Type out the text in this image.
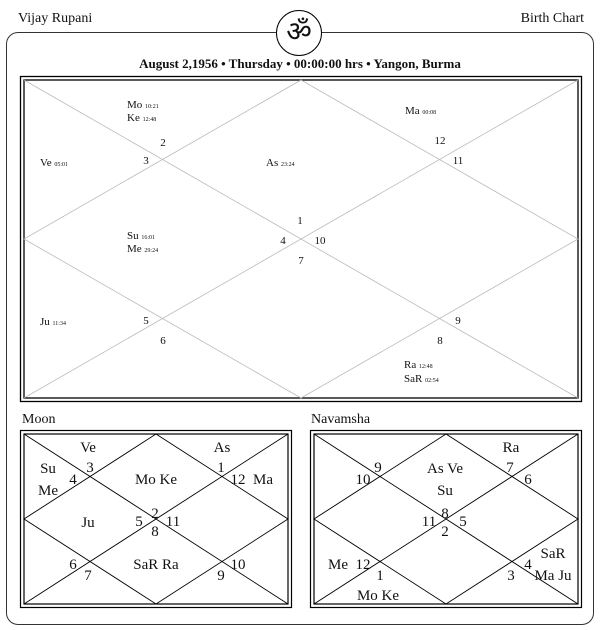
Vijay Rupani	Birth Chart
ॐ
August 2,1956 • Thursday • 00:00:00 hrs • Yangon, Burma
1
2
3
4
5
6
7
8
9
10
11
12
Mo 10:21
Ke 12:48
Ma 00:08
Ve 05:01	As 23:24
Su 16:01
Me 29:24
Ju 11:34
Ra 12:48
SaR 02:54
Moon
1
2
3
4
5
6
7
8
9
10
11
12
Ve	As
Su
Me
Mo Ke	Ma
Ju
SaR Ra
Navamsha
1
2
3
4
5
6
7
8
9
10
11
12
Ra
As Ve
Su
SaR
Ma Ju
Me
Mo Ke
